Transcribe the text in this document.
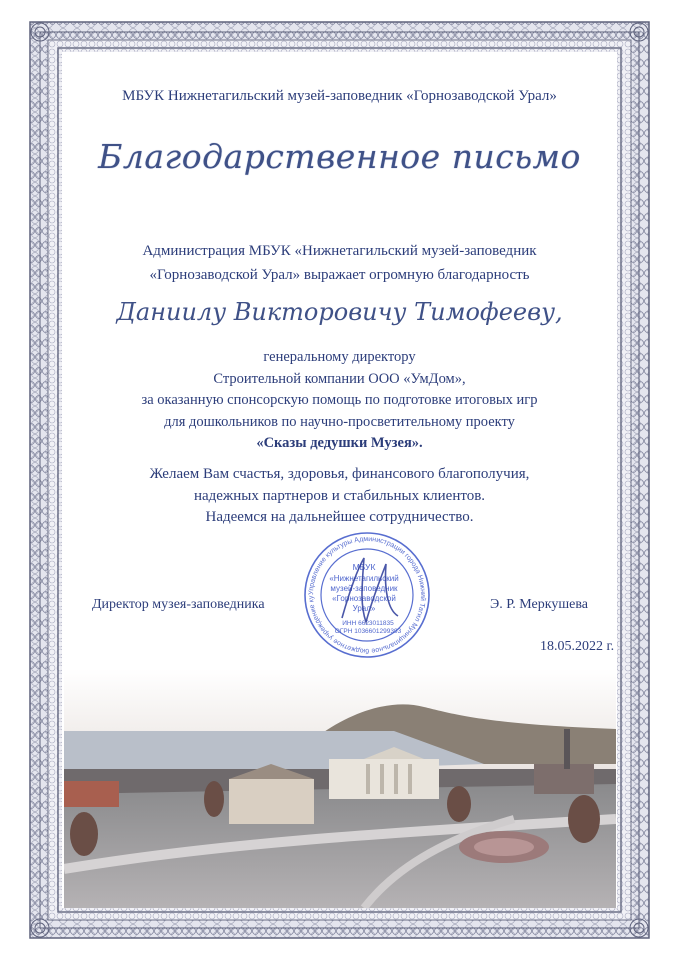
МБУК Нижнетагильский музей-заповедник «Горнозаводской Урал»
Благодарственное письмо
Администрация МБУК «Нижнетагильский музей-заповедник
«Горнозаводской Урал» выражает огромную благодарность
Даниилу Викторовичу Тимофееву,
генеральному директору
Строительной компании ООО «УмДом»,
за оказанную спонсорскую помощь по подготовке итоговых игр
для дошкольников по научно-просветительному проекту
«Сказы дедушки Музея».
Желаем Вам счастья, здоровья, финансового благополучия,
надежных партнеров и стабильных клиентов.
Надеемся на дальнейшее сотрудничество.
Директор музея-заповедника	Э. Р. Меркушева
Управление культуры Администрации города Нижний Тагил Муниципальное бюджетное учреждение ку
МБУК
«Нижнетагильский
музей-заповедник
«Горнозаводской
Урал»
ИНН 6623011835
ОГРН 1036601299393
18.05.2022 г.
